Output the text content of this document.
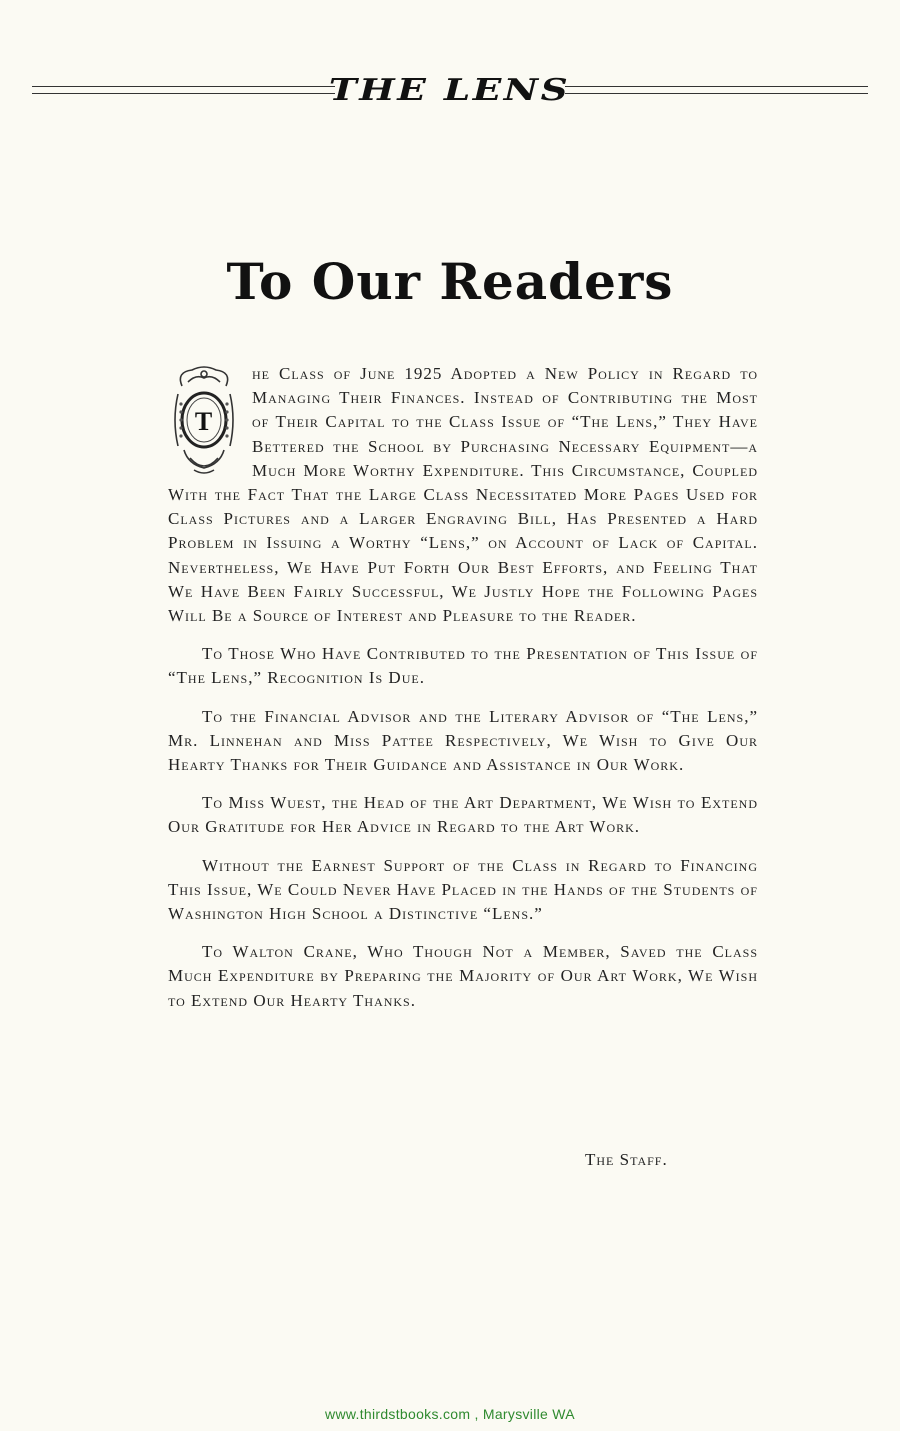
THE LENS
To Our Readers

T
he Class of June 1925 Adopted a New Policy in Regard to Managing Their Finances. Instead of Contributing the Most of Their Capital to the Class Issue of “The Lens,” They Have Bettered the School by Purchasing Necessary Equipment—a Much More Worthy Expenditure. This Circumstance, Coupled With the Fact That the Large Class Necessitated More Pages Used for Class Pictures and a Larger Engraving Bill, Has Presented a Hard Problem in Issuing a Worthy “Lens,” on Account of Lack of Capital. Nevertheless, We Have Put Forth Our Best Efforts, and Feeling That We Have Been Fairly Successful, We Justly Hope the Following Pages Will Be a Source of Interest and Pleasure to the Reader.

To Those Who Have Contributed to the Presentation of This Issue of “The Lens,” Recognition Is Due.

To the Financial Advisor and the Literary Advisor of “The Lens,” Mr. Linnehan and Miss Pattee Respectively, We Wish to Give Our Hearty Thanks for Their Guidance and Assistance in Our Work.

To Miss Wuest, the Head of the Art Department, We Wish to Extend Our Gratitude for Her Advice in Regard to the Art Work.

Without the Earnest Support of the Class in Regard to Financing This Issue, We Could Never Have Placed in the Hands of the Students of Washington High School a Distinctive “Lens.”

To Walton Crane, Who Though Not a Member, Saved the Class Much Expenditure by Preparing the Majority of Our Art Work, We Wish to Extend Our Hearty Thanks.

The Staff.
www.thirdstbooks.com , Marysville WA
